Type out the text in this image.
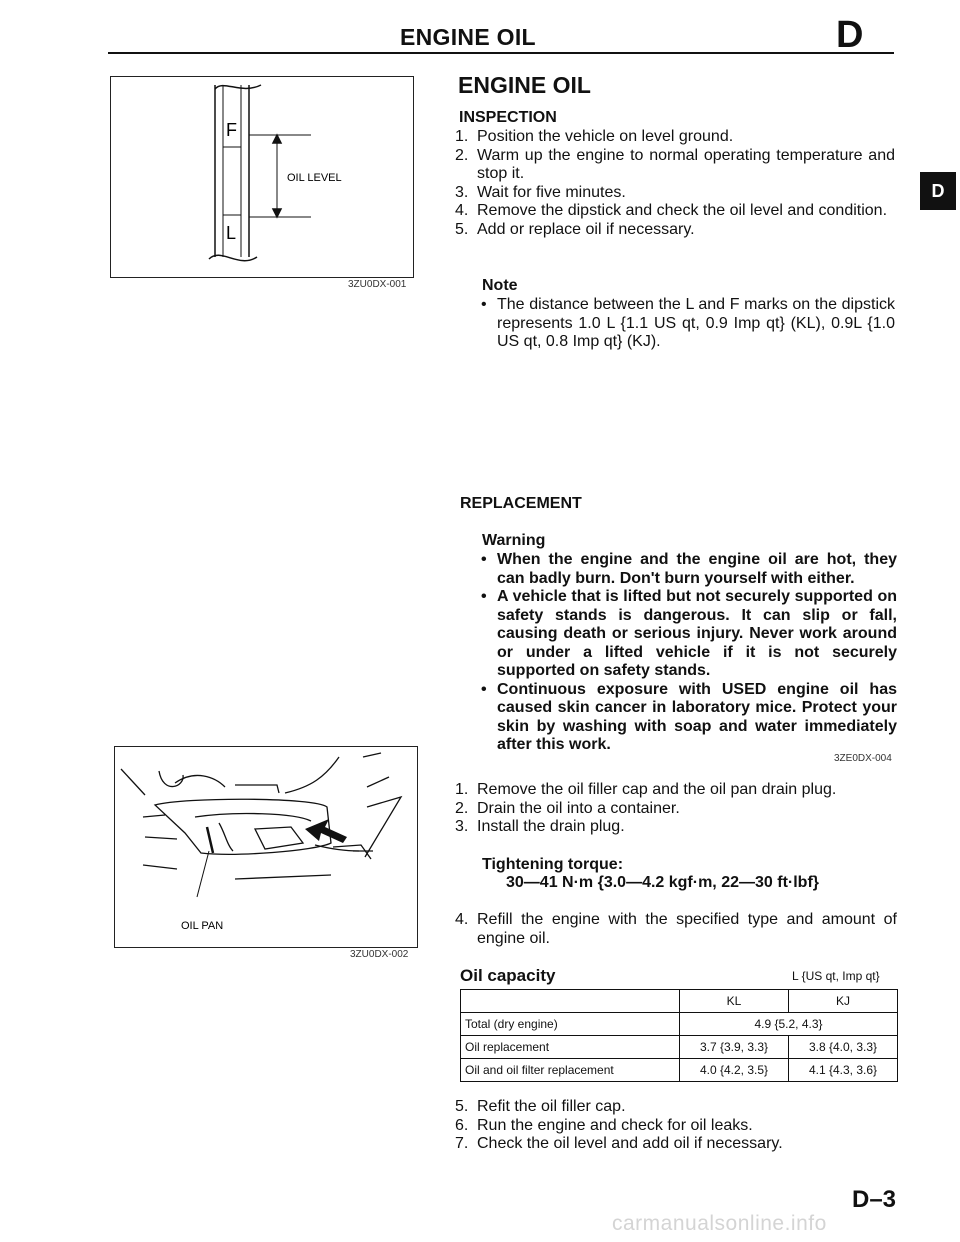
ENGINE OIL	D
D
F
L
OIL LEVEL
3ZU0DX-001
OIL PAN
3ZU0DX-002
ENGINE OIL
INSPECTION
1. Position the vehicle on level ground.
2. Warm up the engine to normal operating temperature and stop it.
3. Wait for five minutes.
4. Remove the dipstick and check the oil level and condition.
5. Add or replace oil if necessary.
Note
• The distance between the L and F marks on the dipstick represents 1.0 L {1.1 US qt, 0.9 Imp qt} (KL), 0.9L {1.0 US qt, 0.8 Imp qt} (KJ).
REPLACEMENT
Warning
• When the engine and the engine oil are hot, they can badly burn. Don't burn yourself with either.
• A vehicle that is lifted but not securely supported on safety stands is dangerous. It can slip or fall, causing death or serious injury. Never work around or under a lifted vehicle if it is not securely supported on safety stands.
• Continuous exposure with USED engine oil has caused skin cancer in laboratory mice. Protect your skin by washing with soap and water immediately after this work.
3ZE0DX-004
1. Remove the oil filler cap and the oil pan drain plug.
2. Drain the oil into a container.
3. Install the drain plug.
Tightening torque:
30—41 N·m {3.0—4.2 kgf·m, 22—30 ft·lbf}
4. Refill the engine with the specified type and amount of engine oil.
Oil capacity	L {US qt, Imp qt}
	KL	KJ
Total (dry engine)	4.9 {5.2, 4.3}	
Oil replacement	3.7 {3.9, 3.3}	3.8 {4.0, 3.3}
Oil and oil filter replacement	4.0 {4.2, 3.5}	4.1 {4.3, 3.6}
5. Refit the oil filler cap.
6. Run the engine and check for oil leaks.
7. Check the oil level and add oil if necessary.
D–3
carmanualsonline.info
